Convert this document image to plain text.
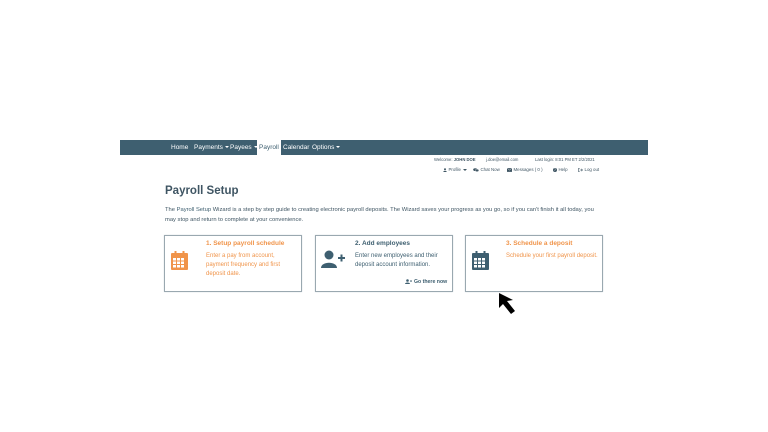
Home Payments	Payees	Payroll Calendar Options
Welcome: JOHN DOE j.doe@email.com	Last login: 8:01 PM ET 2/2/2021
Profile	Chat Now	Messages ( 0 ) ? Help	Log out
Payroll Setup
The Payroll Setup Wizard is a step by step guide to creating electronic payroll deposits. The Wizard saves your progress as you go, so if you can't finish it all today, you may stop and return to complete at your convenience.
1. Setup payroll schedule
Enter a pay from account, payment frequency and first deposit date.
2. Add employees
Enter new employees and their deposit account information.
Go there now
3. Schedule a deposit
Schedule your first payroll deposit.
